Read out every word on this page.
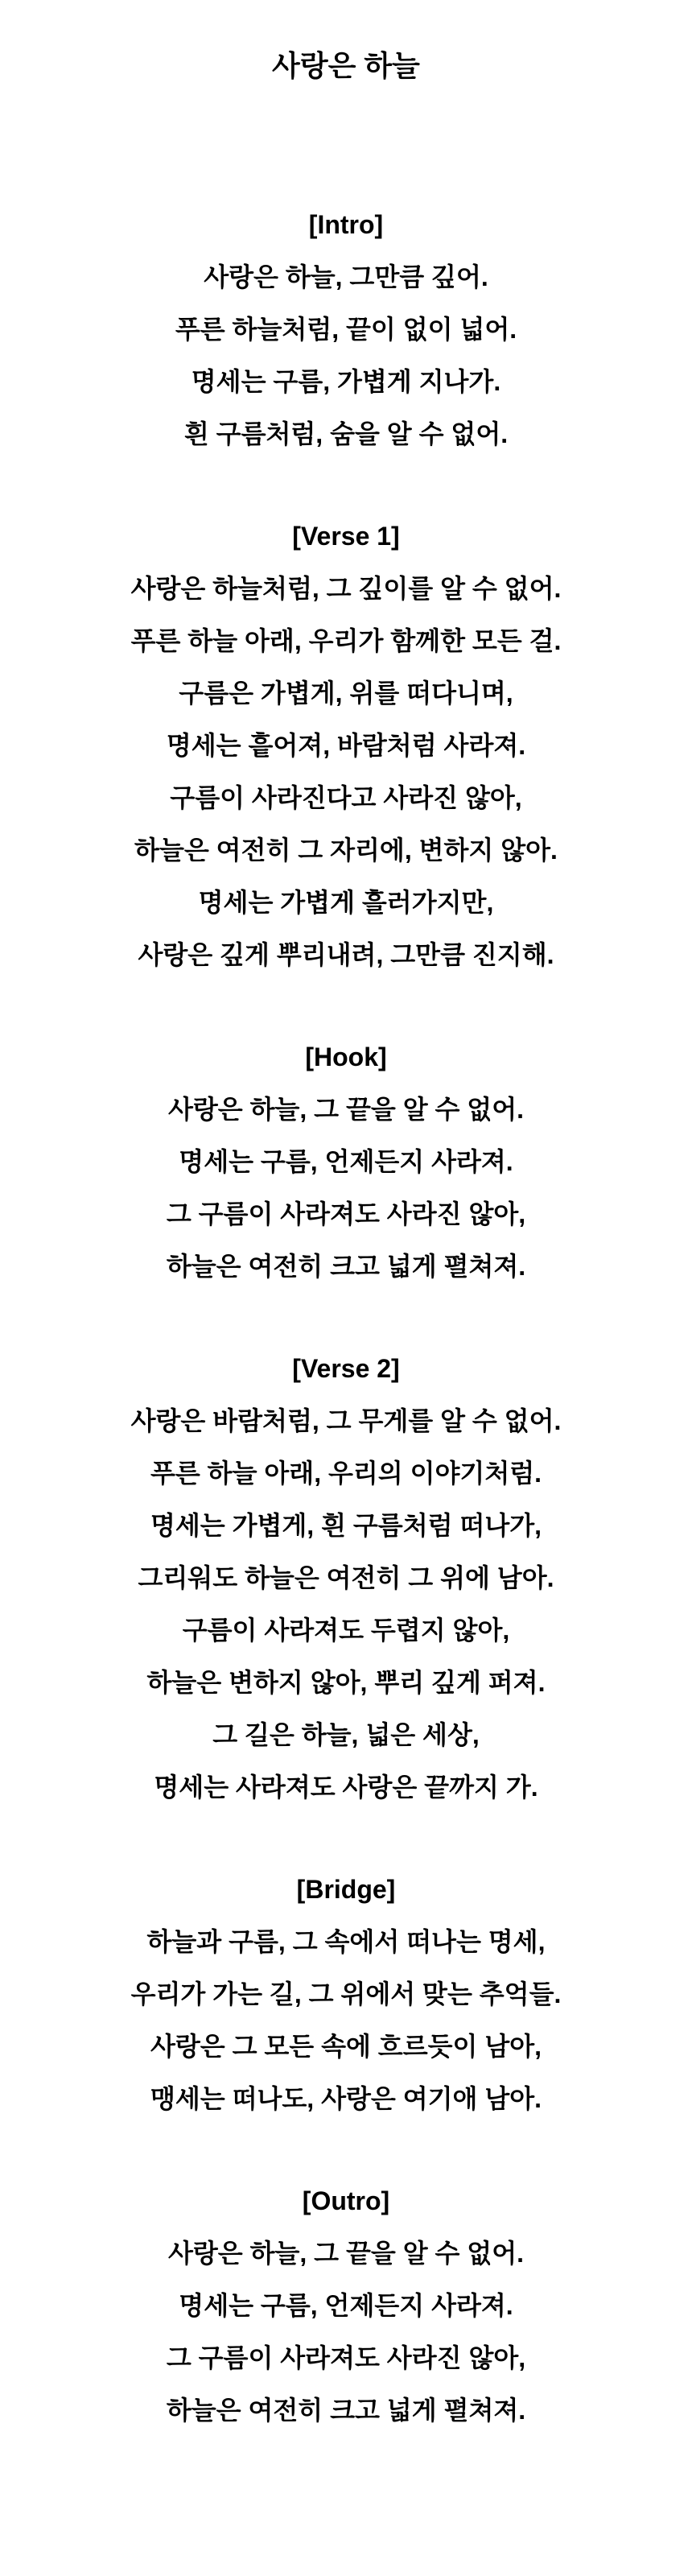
사랑은 하늘
[Intro]
사랑은 하늘, 그만큼 깊어.
푸른 하늘처럼, 끝이 없이 넓어.
명세는 구름, 가볍게 지나가.
흰 구름처럼, 숨을 알 수 없어.
[Verse 1]
사랑은 하늘처럼, 그 깊이를 알 수 없어.
푸른 하늘 아래, 우리가 함께한 모든 걸.
구름은 가볍게, 위를 떠다니며,
명세는 흩어져, 바람처럼 사라져.
구름이 사라진다고 사라진 않아,
하늘은 여전히 그 자리에, 변하지 않아.
명세는 가볍게 흘러가지만,
사랑은 깊게 뿌리내려, 그만큼 진지해.
[Hook]
사랑은 하늘, 그 끝을 알 수 없어.
명세는 구름, 언제든지 사라져.
그 구름이 사라져도 사라진 않아,
하늘은 여전히 크고 넓게 펼쳐져.
[Verse 2]
사랑은 바람처럼, 그 무게를 알 수 없어.
푸른 하늘 아래, 우리의 이야기처럼.
명세는 가볍게, 흰 구름처럼 떠나가,
그리워도 하늘은 여전히 그 위에 남아.
구름이 사라져도 두렵지 않아,
하늘은 변하지 않아, 뿌리 깊게 퍼져.
그 길은 하늘, 넓은 세상,
명세는 사라져도 사랑은 끝까지 가.
[Bridge]
하늘과 구름, 그 속에서 떠나는 명세,
우리가 가는 길, 그 위에서 맞는 추억들.
사랑은 그 모든 속에 흐르듯이 남아,
맹세는 떠나도, 사랑은 여기애 남아.
[Outro]
사랑은 하늘, 그 끝을 알 수 없어.
명세는 구름, 언제든지 사라져.
그 구름이 사라져도 사라진 않아,
하늘은 여전히 크고 넓게 펼쳐져.
